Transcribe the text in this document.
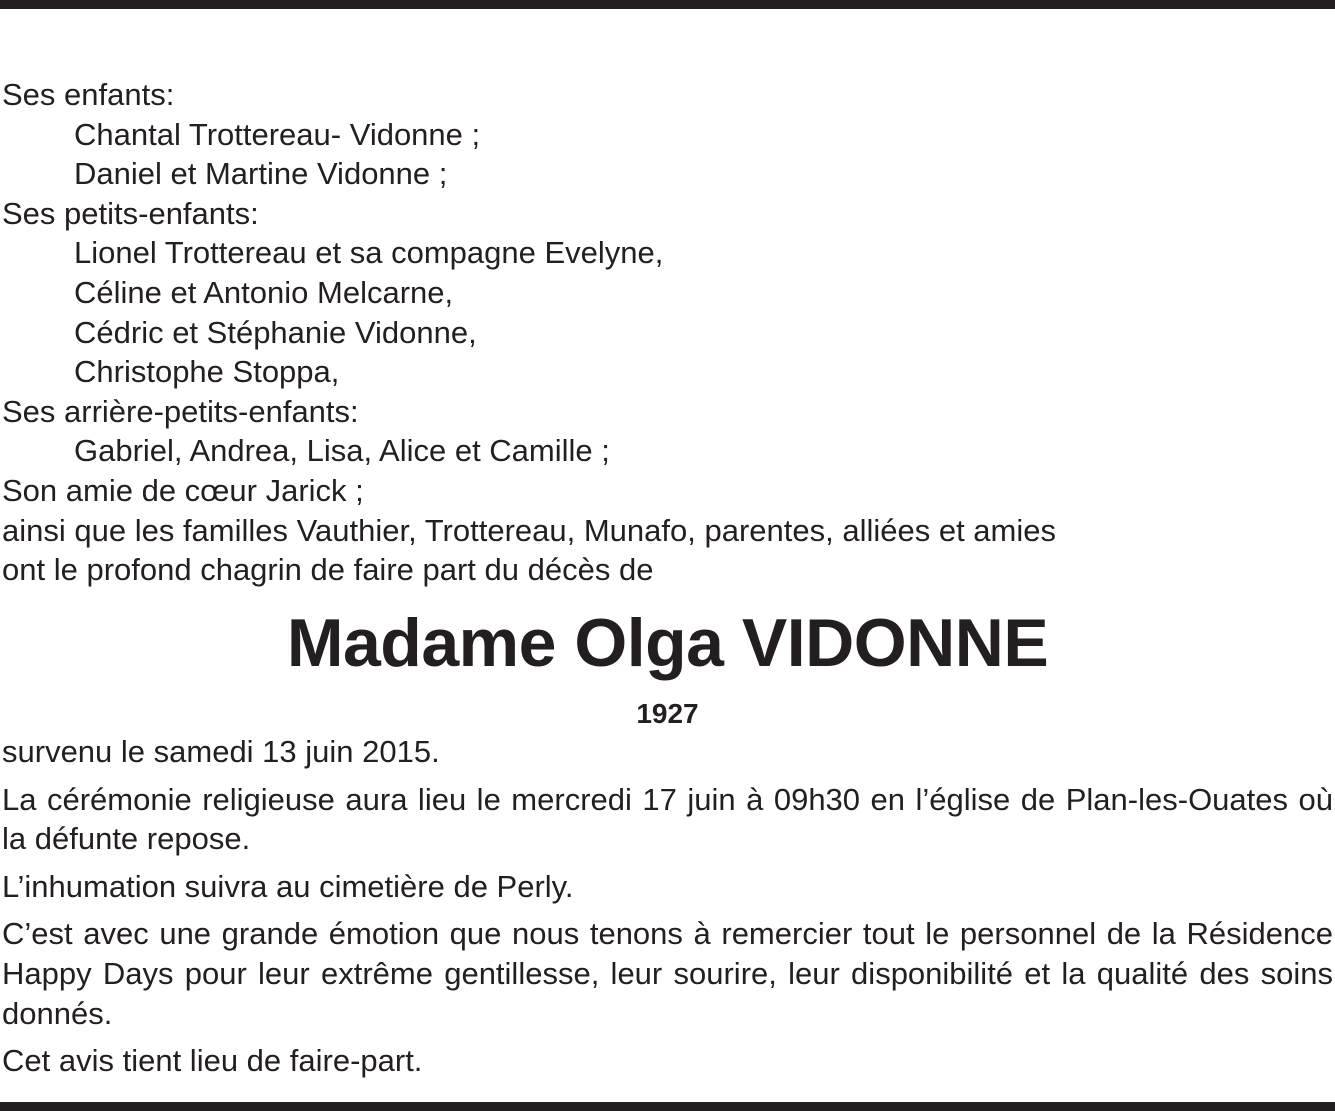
Ses enfants:
Chantal Trottereau- Vidonne ;
Daniel et Martine Vidonne ;
Ses petits-enfants:
Lionel Trottereau et sa compagne Evelyne,
Céline et Antonio Melcarne,
Cédric et Stéphanie Vidonne,
Christophe Stoppa,
Ses arrière-petits-enfants:
Gabriel, Andrea, Lisa, Alice et Camille ;
Son amie de cœur Jarick ;
ainsi que les familles Vauthier, Trottereau, Munafo, parentes, alliées et amies
ont le profond chagrin de faire part du décès de
Madame Olga VIDONNE
1927

survenu le samedi 13 juin 2015.

La cérémonie religieuse aura lieu le mercredi 17 juin à 09h30 en l’église de Plan-les-Ouates où la défunte repose.

L’inhumation suivra au cimetière de Perly.

C’est avec une grande émotion que nous tenons à remercier tout le personnel de la Résidence Happy Days pour leur extrême gentillesse, leur sourire, leur disponibilité et la qualité des soins donnés.

Cet avis tient lieu de faire-part.
